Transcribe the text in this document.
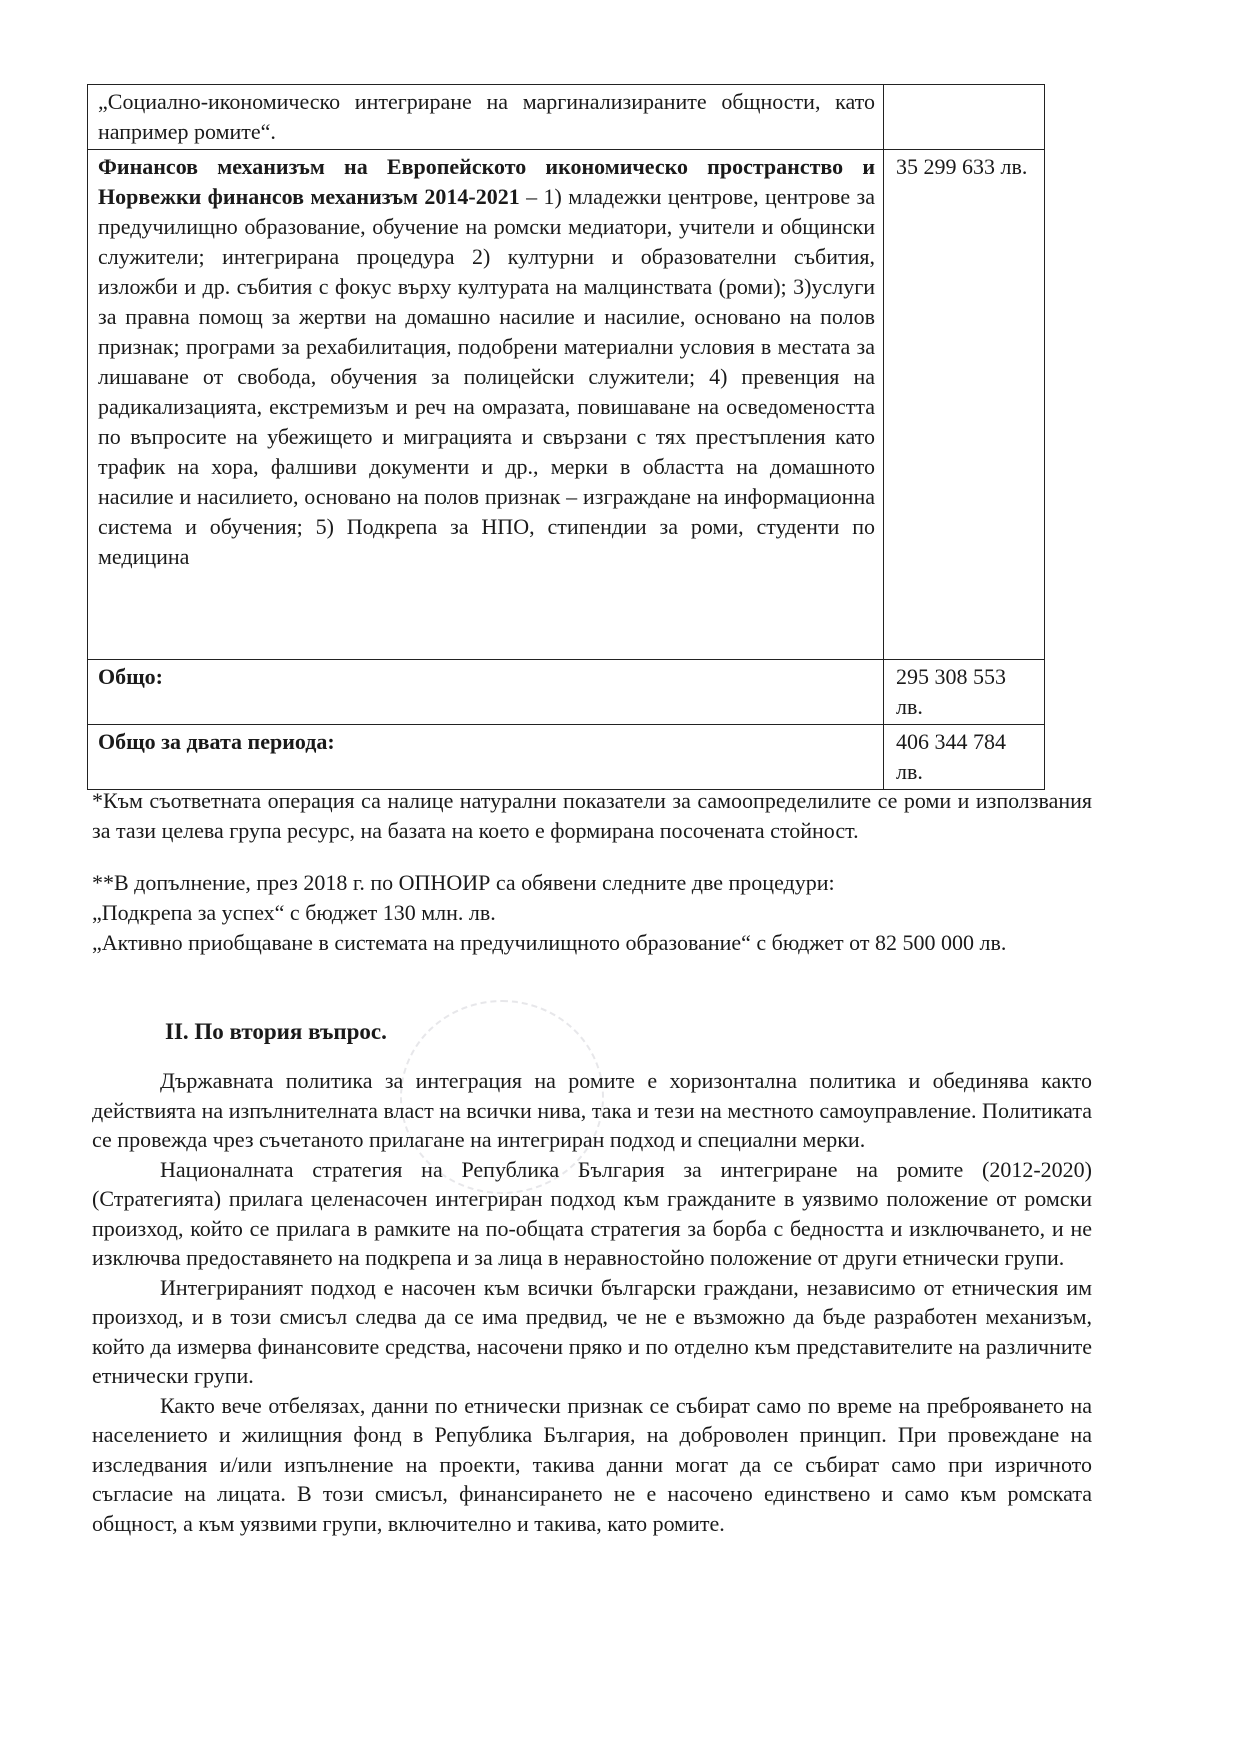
„Социално-икономическо интегриране на маргинализираните общности, като например ромите“.	
Финансов механизъм на Европейското икономическо пространство и Норвежки финансов механизъм 2014-2021 – 1) младежки центрове, центрове за предучилищно образование, обучение на ромски медиатори, учители и общински служители; интегрирана процедура 2) културни и образователни събития, изложби и др. събития с фокус върху културата на малцинствата (роми); 3)услуги за правна помощ за жертви на домашно насилие и насилие, основано на полов признак; програми за рехабилитация, подобрени материални условия в местата за лишаване от свобода, обучения за полицейски служители; 4) превенция на радикализацията, екстремизъм и реч на омразата, повишаване на осведомеността по въпросите на убежището и миграцията и свързани с тях престъпления като трафик на хора, фалшиви документи и др., мерки в областта на домашното насилие и насилието, основано на полов признак – изграждане на информационна система и обучения; 5) Подкрепа за НПО, стипендии за роми, студенти по медицина	35 299 633 лв.
Общо:	295 308 553 лв.
Общо за двата периода:	406 344 784 лв.
*Към съответната операция са налице натурални показатели за самоопределилите се роми и използвания за тази целева група ресурс, на базата на което е формирана посочената стойност.
**В допълнение, през 2018 г. по ОПНОИР са обявени следните две процедури:
„Подкрепа за успех“ с бюджет 130 млн. лв.
„Активно приобщаване в системата на предучилищното образование“ с бюджет от 82 500 000 лв.
II. По втория въпрос.

Държавната политика за интеграция на ромите е хоризонтална политика и обединява както действията на изпълнителната власт на всички нива, така и тези на местното самоуправление. Политиката се провежда чрез съчетаното прилагане на интегриран подход и специални мерки.

Националната стратегия на Република България за интегриране на ромите (2012-2020) (Стратегията) прилага целенасочен интегриран подход към гражданите в уязвимо положение от ромски произход, който се прилага в рамките на по-общата стратегия за борба с бедността и изключването, и не изключва предоставянето на подкрепа и за лица в неравностойно положение от други етнически групи.

Интегрираният подход е насочен към всички български граждани, независимо от етническия им произход, и в този смисъл следва да се има предвид, че не е възможно да бъде разработен механизъм, който да измерва финансовите средства, насочени пряко и по отделно към представителите на различните етнически групи.

Както вече отбелязах, данни по етнически признак се събират само по време на преброяването на населението и жилищния фонд в Република България, на доброволен принцип. При провеждане на изследвания и/или изпълнение на проекти, такива данни могат да се събират само при изричното съгласие на лицата. В този смисъл, финансирането не е насочено единствено и само към ромската общност, а към уязвими групи, включително и такива, като ромите.
